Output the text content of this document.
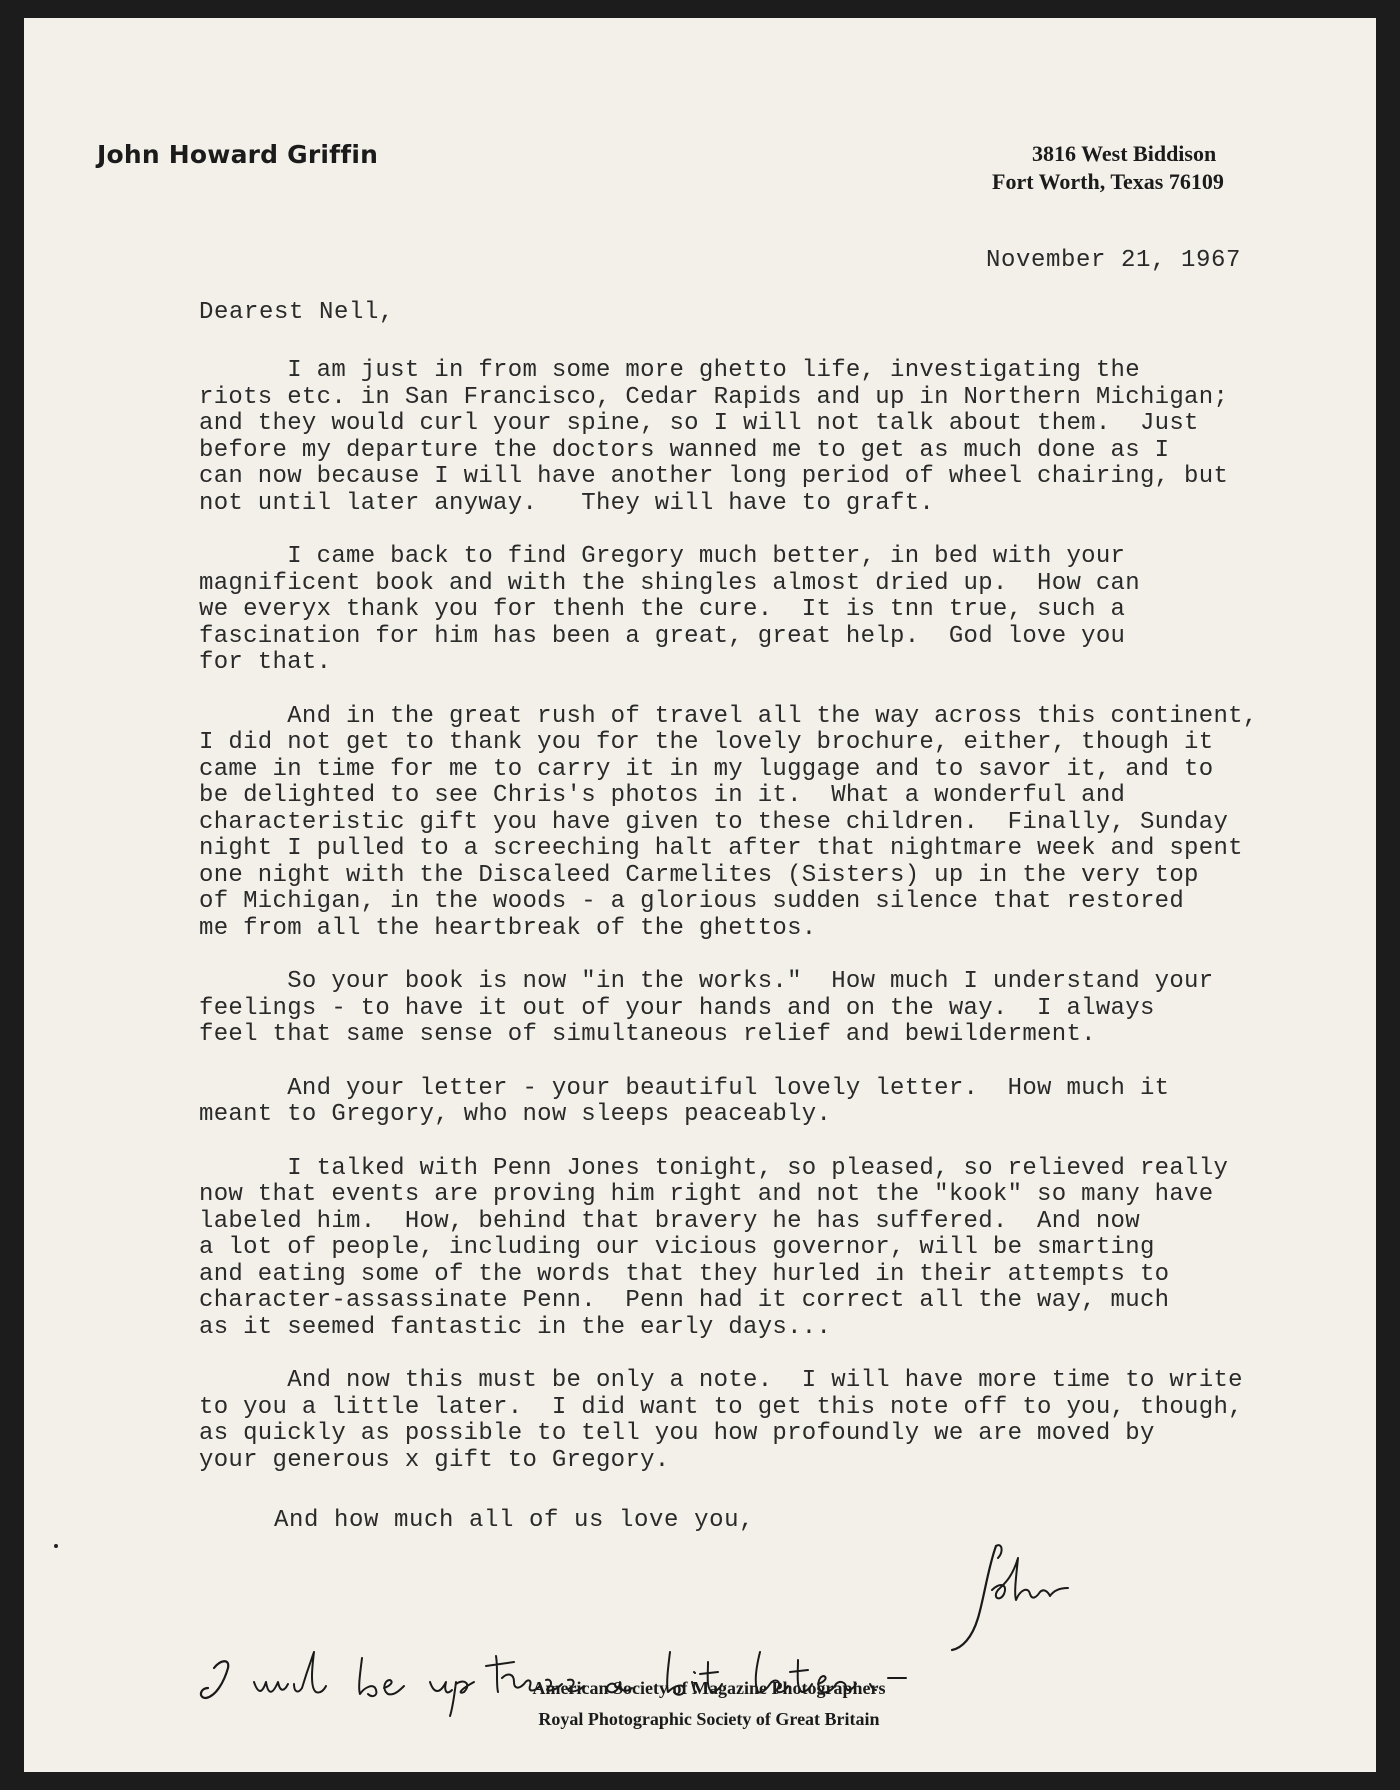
John Howard Griffin	3816 West Biddison
Fort Worth, Texas 76109
November 21, 1967
Dearest Nell,

I am just in from some more ghetto life, investigating the
riots etc. in San Francisco, Cedar Rapids and up in Northern Michigan;
and they would curl your spine, so I will not talk about them.  Just
before my departure the doctors wanned me to get as much done as I
can now because I will have another long period of wheel chairing, but
not until later anyway.   They will have to graft.

I came back to find Gregory much better, in bed with your
magnificent book and with the shingles almost dried up.  How can
we everyx thank you for thenh the cure.  It is tnn true, such a
fascination for him has been a great, great help.  God love you
for that.

And in the great rush of travel all the way across this continent,
I did not get to thank you for the lovely brochure, either, though it
came in time for me to carry it in my luggage and to savor it, and to
be delighted to see Chris's photos in it.  What a wonderful and
characteristic gift you have given to these children.  Finally, Sunday
night I pulled to a screeching halt after that nightmare week and spent
one night with the Discaleed Carmelites (Sisters) up in the very top
of Michigan, in the woods - a glorious sudden silence that restored
me from all the heartbreak of the ghettos.

So your book is now "in the works."  How much I understand your
feelings - to have it out of your hands and on the way.  I always
feel that same sense of simultaneous relief and bewilderment.

And your letter - your beautiful lovely letter.  How much it
meant to Gregory, who now sleeps peaceably.

I talked with Penn Jones tonight, so pleased, so relieved really
now that events are proving him right and not the "kook" so many have
labeled him.  How, behind that bravery he has suffered.  And now
a lot of people, including our vicious governor, will be smarting
and eating some of the words that they hurled in their attempts to
character-assassinate Penn.  Penn had it correct all the way, much
as it seemed fantastic in the early days...

And now this must be only a note.  I will have more time to write
to you a little later.  I did want to get this note off to you, though,
as quickly as possible to tell you how profoundly we are moved by
your generous x gift to Gregory.

And how much all of us love you,
American Society of Magazine Photographers
Royal Photographic Society of Great Britain
